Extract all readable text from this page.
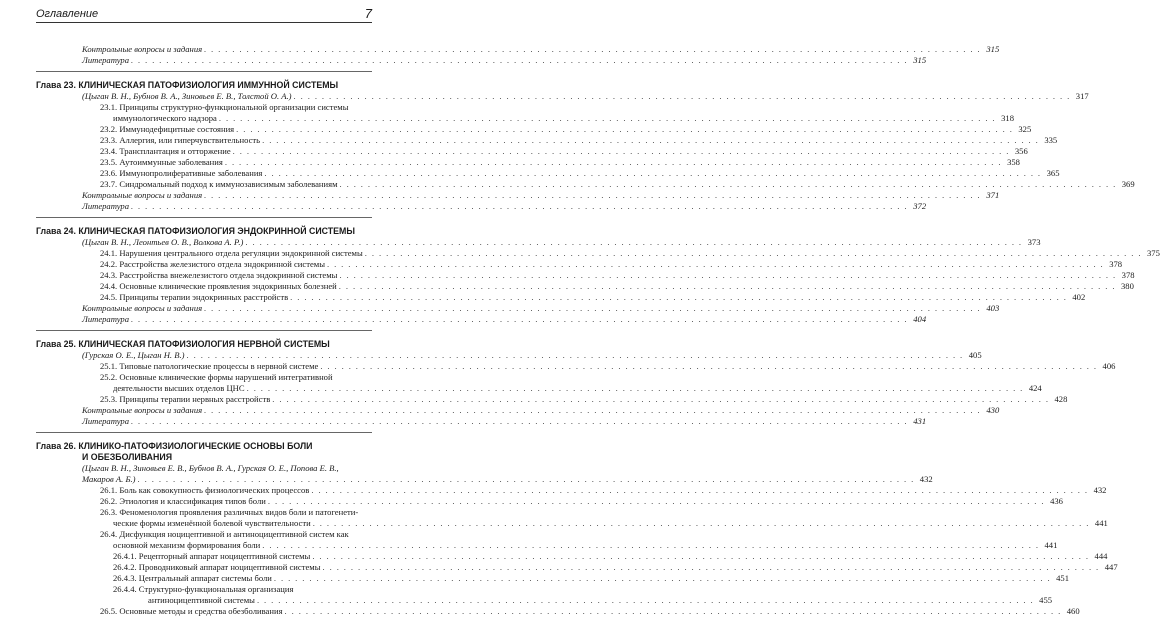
Оглавление	7
Контрольные вопросы и задания . . .	315
Литература . . .	315
Глава 23. КЛИНИЧЕСКАЯ ПАТОФИЗИОЛОГИЯ ИММУННОЙ СИСТЕМЫ
(Цыган В. Н., Бубнов В. А., Зиновьев Е. В., Толстой О. А.) . . .	317
23.1. Принципы структурно-функциональной организации системы
иммунологического надзора . . .	318
23.2. Иммунодефицитные состояния . . .	325
23.3. Аллергия, или гиперчувствительность . . .	335
23.4. Трансплантация и отторжение . . .	356
23.5. Аутоиммунные заболевания . . .	358
23.6. Иммунопролиферативные заболевания . . .	365
23.7. Синдромальный подход к иммунозависимым заболеваниям . . .	369
Контрольные вопросы и задания . . .	371
Литература . . .	372
Глава 24. КЛИНИЧЕСКАЯ ПАТОФИЗИОЛОГИЯ ЭНДОКРИННОЙ СИСТЕМЫ
(Цыган В. Н., Леонтьев О. В., Волкова А. Р.) . . .	373
24.1. Нарушения центрального отдела регуляции эндокринной системы . . .	375
24.2. Расстройства железистого отдела эндокринной системы . . .	378
24.3. Расстройства внежелезистого отдела эндокринной системы . . .	378
24.4. Основные клинические проявления эндокринных болезней . . .	380
24.5. Принципы терапии эндокринных расстройств . . .	402
Контрольные вопросы и задания . . .	403
Литература . . .	404
Глава 25. КЛИНИЧЕСКАЯ ПАТОФИЗИОЛОГИЯ НЕРВНОЙ СИСТЕМЫ
(Гурская О. Е., Цыган Н. В.) . . .	405
25.1. Типовые патологические процессы в нервной системе . . .	406
25.2. Основные клинические формы нарушений интегративной
деятельности высших отделов ЦНС . . .	424
25.3. Принципы терапии нервных расстройств . . .	428
Контрольные вопросы и задания . . .	430
Литература . . .	431
Глава 26. КЛИНИКО-ПАТОФИЗИОЛОГИЧЕСКИЕ ОСНОВЫ БОЛИ
И ОБЕЗБОЛИВАНИЯ
(Цыган В. Н., Зиновьев Е. В., Бубнов В. А., Гурская О. Е., Попова Е. В.,
Макаров А. Б.) . . .	432
26.1. Боль как совокупность физиологических процессов . . .	432
26.2. Этиология и классификация типов боли . . .	436
26.3. Феноменология проявления различных видов боли и патогенети-
ческие формы изменённой болевой чувствительности . . .	441
26.4. Дисфункция ноцицептивной и антиноцицептивной систем как
основной механизм формирования боли . . .	441
26.4.1. Рецепторный аппарат ноцицептивной системы . . .	444
26.4.2. Проводниковый аппарат ноцицептивной системы . . .	447
26.4.3. Центральный аппарат системы боли . . .	451
26.4.4. Структурно-функциональная организация
антиноцицептивной системы . . .	455
26.5. Основные методы и средства обезболивания . . .	460
